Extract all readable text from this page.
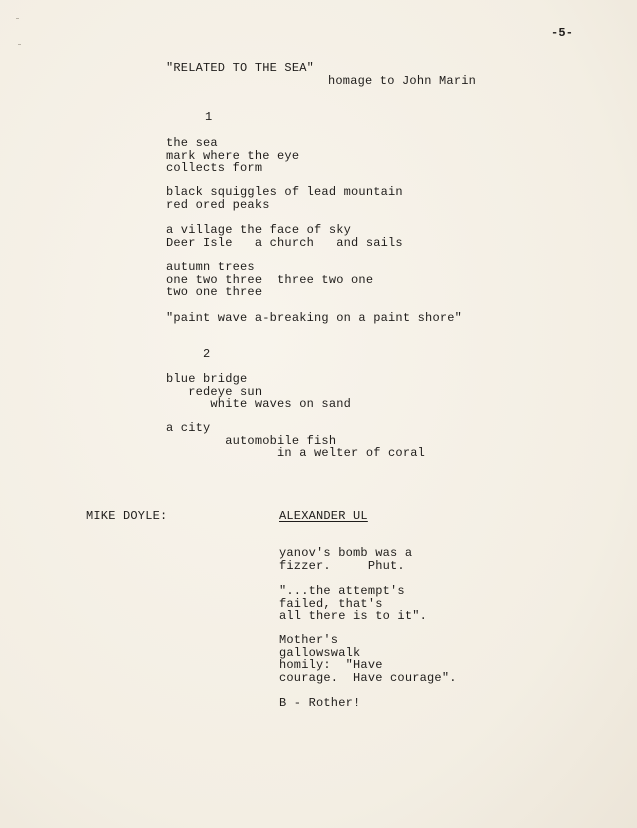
-5-
"RELATED TO THE SEA"
homage to John Marin
1
the sea
mark where the eye
collects form
black squiggles of lead mountain
red ored peaks
a village the face of sky
Deer Isle   a church   and sails
autumn trees
one two three  three two one
two one three
"paint wave a-breaking on a paint shore"
2
blue bridge
redeye sun
white waves on sand
a city
automobile fish
in a welter of coral
MIKE DOYLE:	ALEXANDER UL
yanov's bomb was a
fizzer.     Phut.
"...the attempt's
failed, that's
all there is to it".
Mother's
gallowswalk
homily:  "Have
courage.  Have courage".
B - Rother!
